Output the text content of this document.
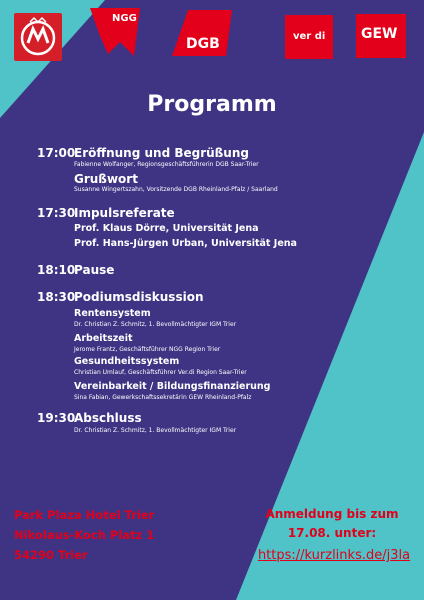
NGG
DGB	ver di	GEW
Programm
17:00
Eröffnung und Begrüßung
Fabienne Wolfanger, Regionsgeschäftsführerin DGB Saar-Trier
Grußwort
Susanne Wingertszahn, Vorsitzende DGB Rheinland-Pfalz / Saarland
17:30
Impulsreferate
Prof. Klaus Dörre, Universität Jena
Prof. Hans-Jürgen Urban, Universität Jena
18:10
Pause
18:30
Podiumsdiskussion
Rentensystem
Dr. Christian Z. Schmitz, 1. Bevollmächtigter IGM Trier
Arbeitszeit
Jerome Frantz, Geschäftsführer NGG Region Trier
Gesundheitssystem
Christian Umlauf, Geschäftsführer Ver.di Region Saar-Trier
Vereinbarkeit / Bildungsfinanzierung
Sina Fabian, Gewerkschaftssekretärin GEW Rheinland-Pfalz
19:30
Abschluss
Dr. Christian Z. Schmitz, 1. Bevollmächtigter IGM Trier
Park Plaza Hotel Trier
Nikolaus-Koch Platz 1
54290 Trier
Anmeldung bis zum
17.08. unter:
https://kurzlinks.de/j3la
